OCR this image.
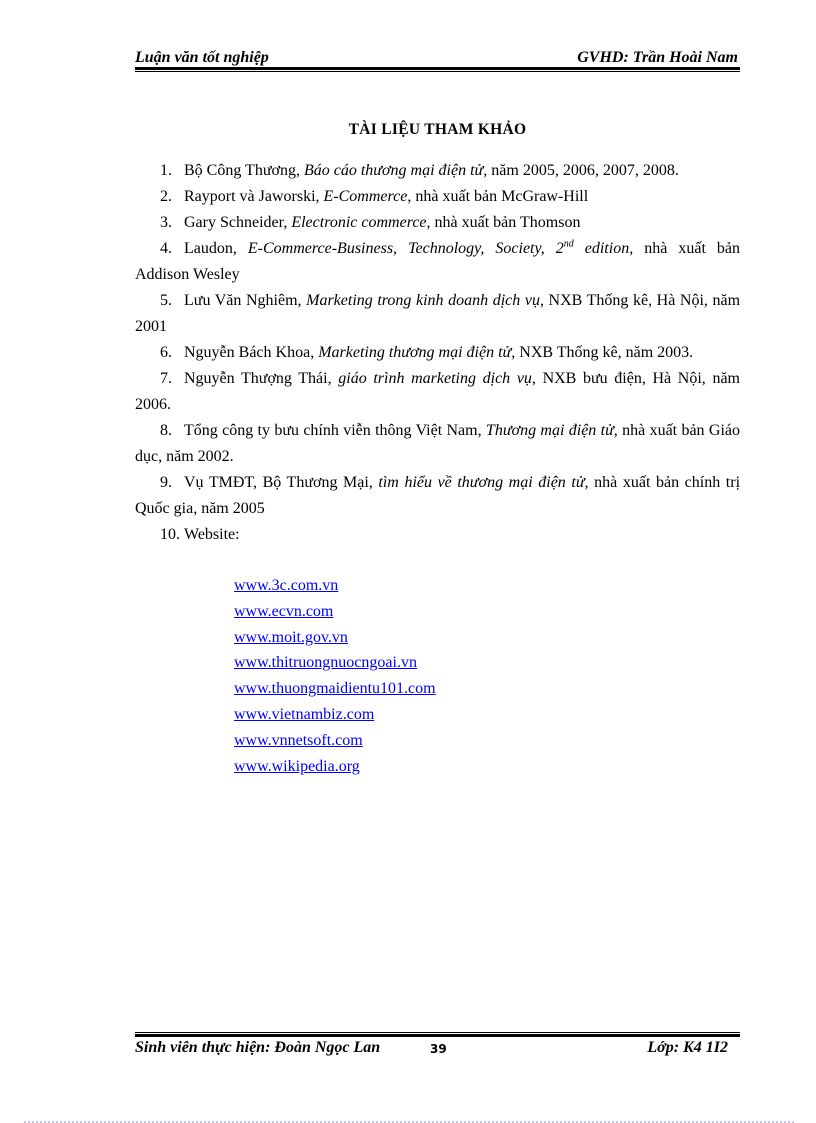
Luận văn tốt nghiệp	GVHD: Trần Hoài Nam
TÀI LIỆU THAM KHẢO

1. Bộ Công Thương, Báo cáo thương mại điện tử, năm 2005, 2006, 2007, 2008.

2. Rayport và Jaworski, E-Commerce, nhà xuất bản McGraw-Hill

3. Gary Schneider, Electronic commerce, nhà xuất bản Thomson

4. Laudon, E-Commerce-Business, Technology, Society, 2nd edition, nhà xuất bản Addison Wesley

5. Lưu Văn Nghiêm, Marketing trong kinh doanh dịch vụ, NXB Thống kê, Hà Nội, năm 2001

6. Nguyễn Bách Khoa, Marketing thương mại điện tử, NXB Thống kê, năm 2003.

7. Nguyễn Thượng Thái, giáo trình marketing dịch vụ, NXB bưu điện, Hà Nội, năm 2006.

8. Tổng công ty bưu chính viễn thông Việt Nam, Thương mại điện tử, nhà xuất bản Giáo dục, năm 2002.

9. Vụ TMĐT, Bộ Thương Mại, tìm hiểu về thương mại điện tử, nhà xuất bản chính trị Quốc gia, năm 2005

10. Website:

www.3c.com.vn
www.ecvn.com
www.moit.gov.vn
www.thitruongnuocngoai.vn
www.thuongmaidientu101.com
www.vietnambiz.com
www.vnnetsoft.com
www.wikipedia.org
Sinh viên thực hiện: Đoàn Ngọc Lan	39	Lớp: K4 1I2
